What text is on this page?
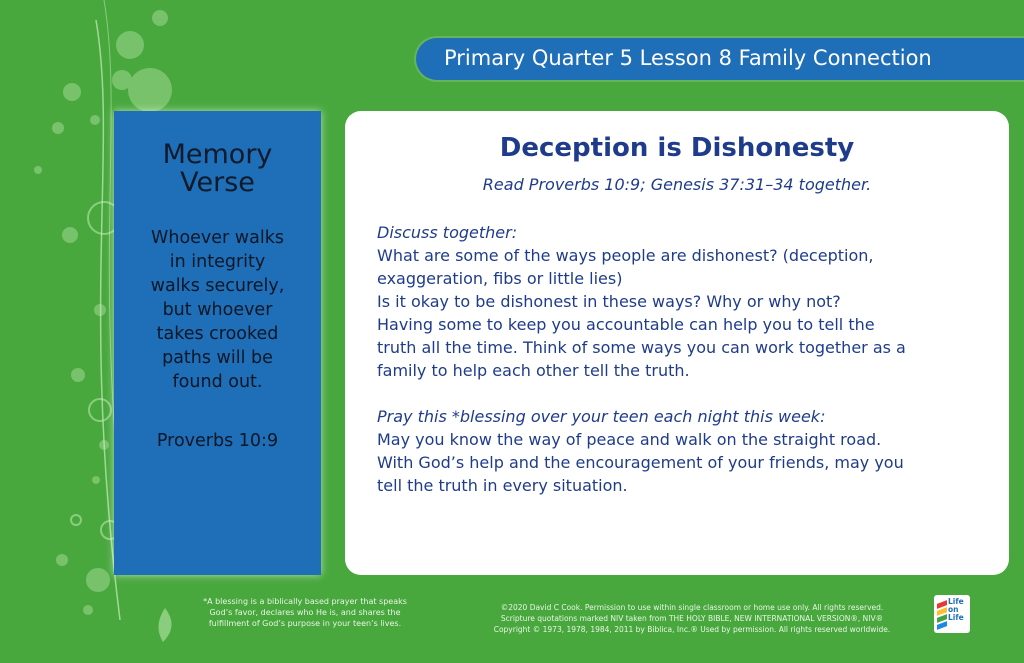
Primary Quarter 5 Lesson 8 Family Connection
Memory
Verse
Whoever walks
in integrity
walks securely,
but whoever
takes crooked
paths will be
found out.
Proverbs 10:9
Deception is Dishonesty
Read Proverbs 10:9; Genesis 37:31–34 together.

Discuss together:

What are some of the ways people are dishonest? (deception,

exaggeration, fibs or little lies)

Is it okay to be dishonest in these ways? Why or why not?

Having some to keep you accountable can help you to tell the

truth all the time. Think of some ways you can work together as a

family to help each other tell the truth.

Pray this *blessing over your teen each night this week:

May you know the way of peace and walk on the straight road.

With God’s help and the encouragement of your friends, may you

tell the truth in every situation.

*A blessing is a biblically based prayer that speaks
God’s favor, declares who He is, and shares the
fulfillment of God’s purpose in your teen’s lives.
©2020 David C Cook. Permission to use within single classroom or home use only. All rights reserved.
Scripture quotations marked NIV taken from THE HOLY BIBLE, NEW INTERNATIONAL VERSION®, NIV®
Copyright © 1973, 1978, 1984, 2011 by Biblica, Inc.® Used by permission. All rights reserved worldwide.
Life
on
Life
